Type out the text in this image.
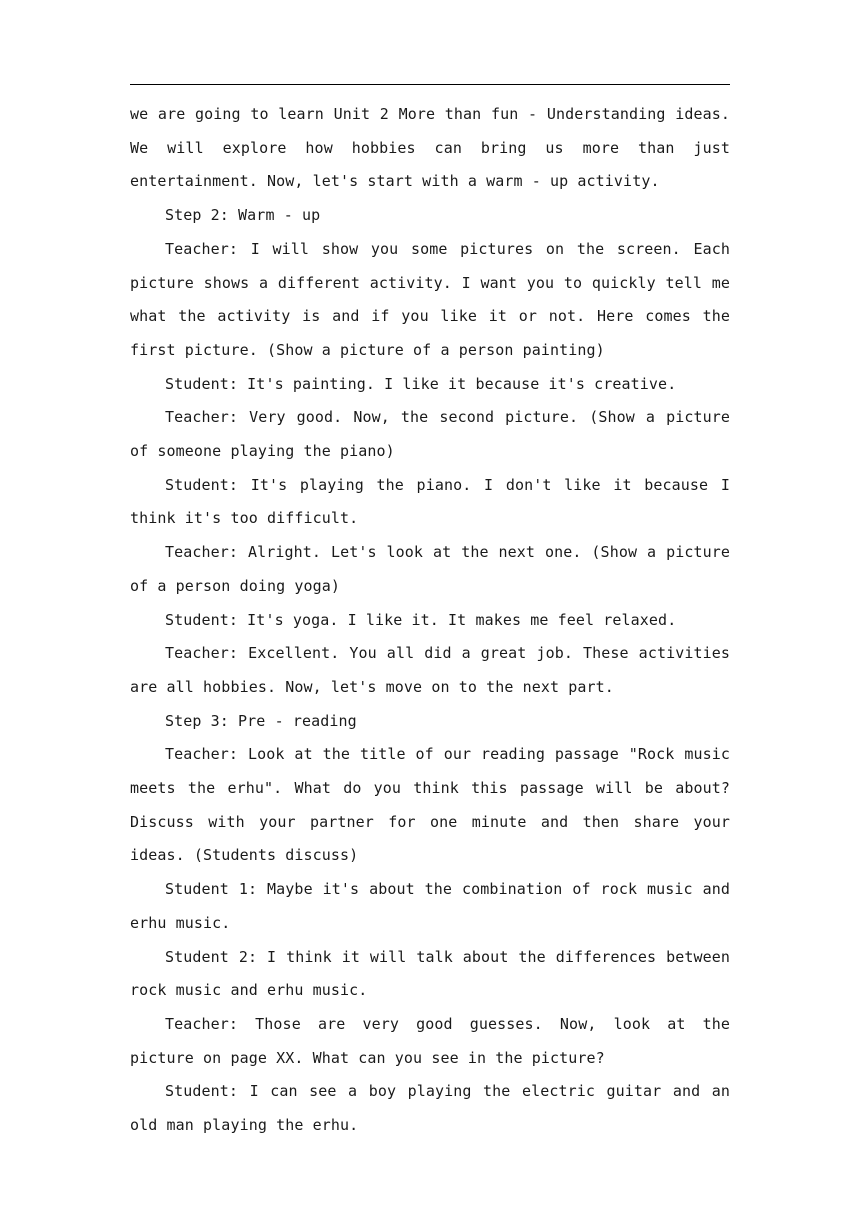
we are going to learn Unit 2 More than fun - Understanding ideas. We will explore how hobbies can bring us more than just entertainment. Now, let's start with a warm - up activity.

Step 2: Warm - up

Teacher: I will show you some pictures on the screen. Each picture shows a different activity. I want you to quickly tell me what the activity is and if you like it or not. Here comes the first picture. (Show a picture of a person painting)

Student: It's painting. I like it because it's creative.

Teacher: Very good. Now, the second picture. (Show a picture of someone playing the piano)

Student: It's playing the piano. I don't like it because I think it's too difficult.

Teacher: Alright. Let's look at the next one. (Show a picture of a person doing yoga)

Student: It's yoga. I like it. It makes me feel relaxed.

Teacher: Excellent. You all did a great job. These activities are all hobbies. Now, let's move on to the next part.

Step 3: Pre - reading

Teacher: Look at the title of our reading passage "Rock music meets the erhu". What do you think this passage will be about? Discuss with your partner for one minute and then share your ideas. (Students discuss)

Student 1: Maybe it's about the combination of rock music and erhu music.

Student 2: I think it will talk about the differences between rock music and erhu music.

Teacher: Those are very good guesses. Now, look at the picture on page XX. What can you see in the picture?

Student: I can see a boy playing the electric guitar and an old man playing the erhu.
